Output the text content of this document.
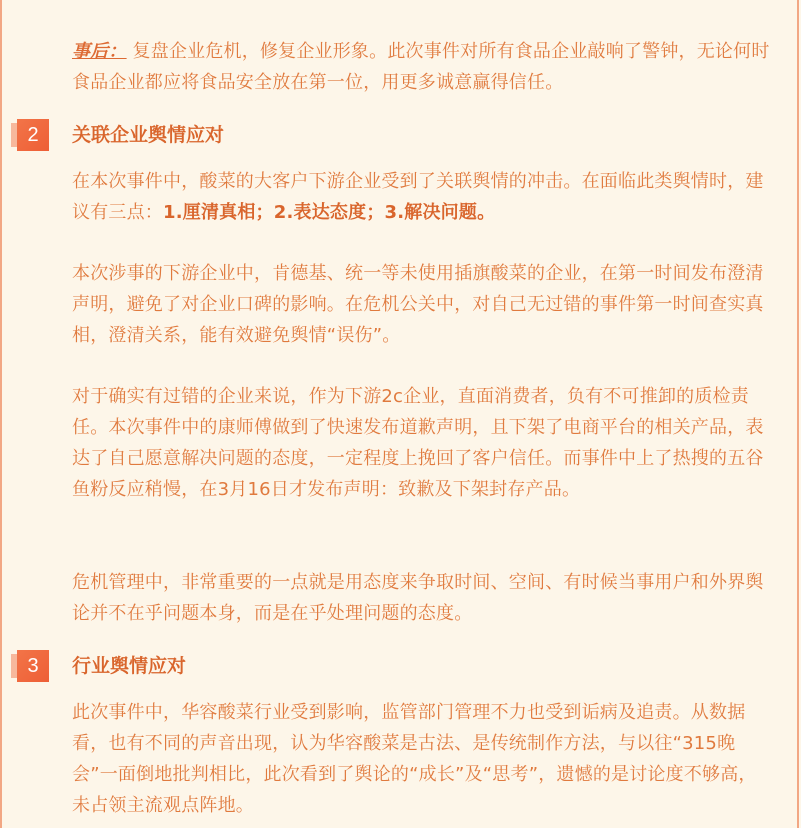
事后： 复盘企业危机，修复企业形象。此次事件对所有食品企业敲响了警钟，无论何时食品企业都应将食品安全放在第一位，用更多诚意赢得信任。

2	关联企业舆情应对

在本次事件中，酸菜的大客户下游企业受到了关联舆情的冲击。在面临此类舆情时，建议有三点：1.厘清真相；2.表达态度；3.解决问题。

本次涉事的下游企业中，肯德基、统一等未使用插旗酸菜的企业，在第一时间发布澄清声明，避免了对企业口碑的影响。在危机公关中，对自己无过错的事件第一时间查实真相，澄清关系，能有效避免舆情“误伤”。

对于确实有过错的企业来说，作为下游2c企业，直面消费者，负有不可推卸的质检责任。本次事件中的康师傅做到了快速发布道歉声明，且下架了电商平台的相关产品，表达了自己愿意解决问题的态度，一定程度上挽回了客户信任。而事件中上了热搜的五谷鱼粉反应稍慢，在3月16日才发布声明：致歉及下架封存产品。

危机管理中，非常重要的一点就是用态度来争取时间、空间、有时候当事用户和外界舆论并不在乎问题本身，而是在乎处理问题的态度。

3	行业舆情应对

此次事件中，华容酸菜行业受到影响，监管部门管理不力也受到诟病及追责。从数据看，也有不同的声音出现，认为华容酸菜是古法、是传统制作方法，与以往“315晚会”一面倒地批判相比，此次看到了舆论的“成长”及“思考”，遗憾的是讨论度不够高，未占领主流观点阵地。
